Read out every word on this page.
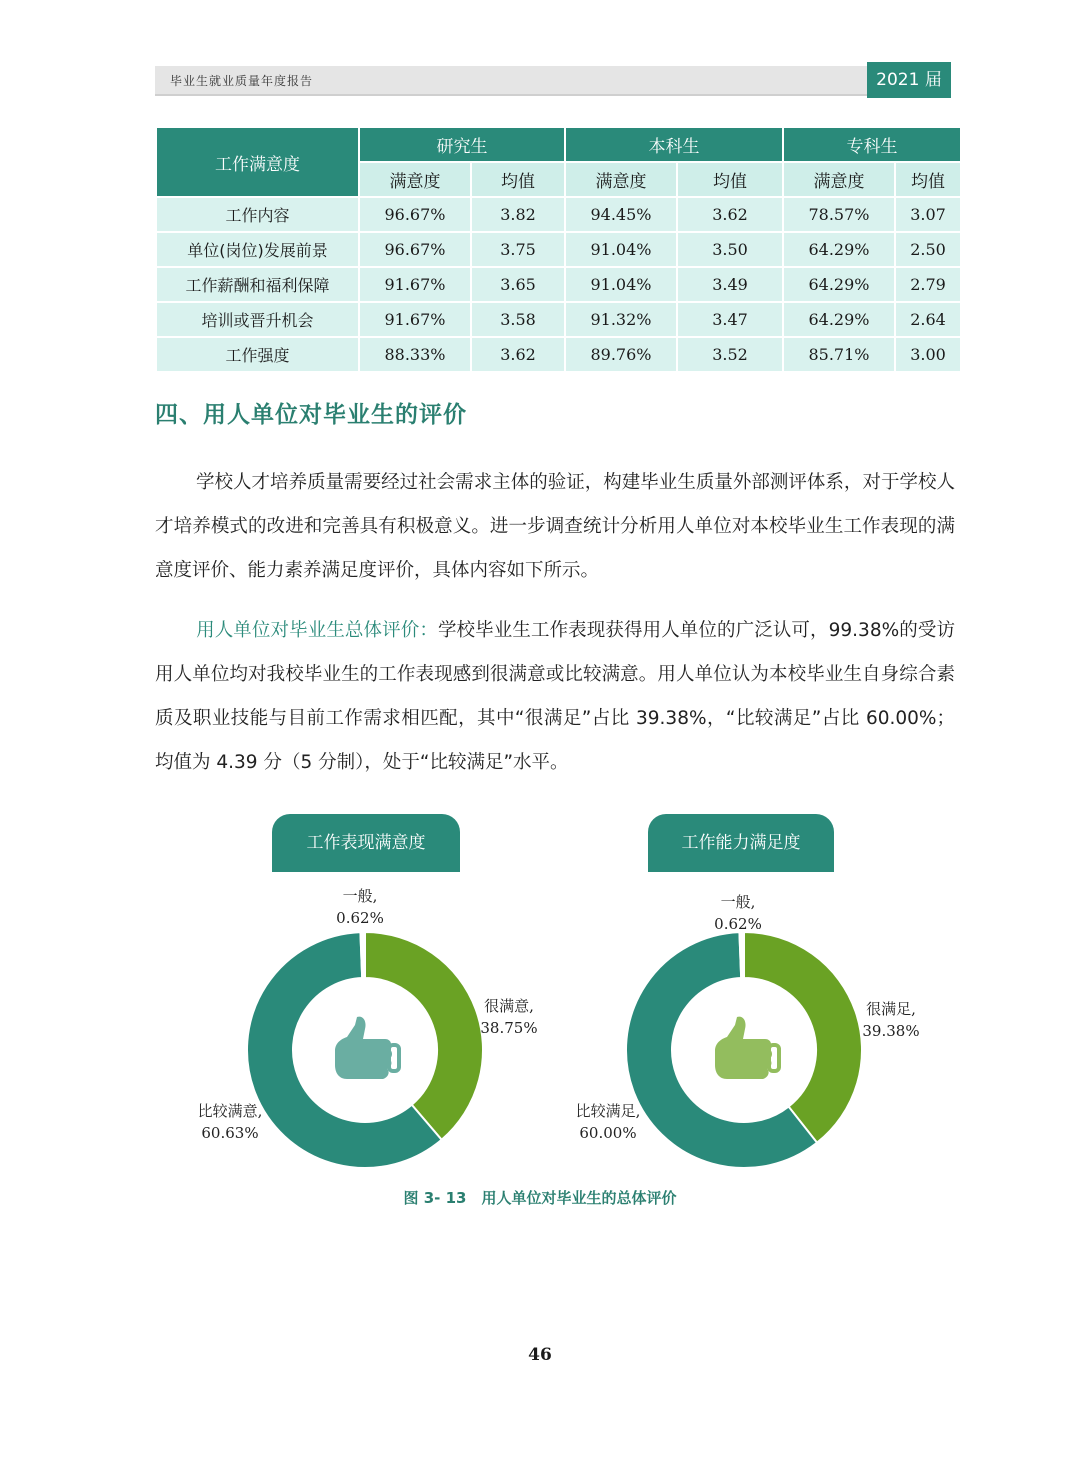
毕业生就业质量年度报告	2021 届
工作满意度	研究生		本科生		专科生	
	满意度	均值	满意度	均值	满意度	均值
工作内容	96.67%	3.82	94.45%	3.62	78.57%	3.07
单位(岗位)发展前景	96.67%	3.75	91.04%	3.50	64.29%	2.50
工作薪酬和福利保障	91.67%	3.65	91.04%	3.49	64.29%	2.79
培训或晋升机会	91.67%	3.58	91.32%	3.47	64.29%	2.64
工作强度	88.33%	3.62	89.76%	3.52	85.71%	3.00
四、用人单位对毕业生的评价
学校人才培养质量需要经过社会需求主体的验证，构建毕业生质量外部测评体系，对于学校人才培养模式的改进和完善具有积极意义。进一步调查统计分析用人单位对本校毕业生工作表现的满意度评价、能力素养满足度评价，具体内容如下所示。
用人单位对毕业生总体评价：学校毕业生工作表现获得用人单位的广泛认可，99.38%的受访用人单位均对我校毕业生的工作表现感到很满意或比较满意。用人单位认为本校毕业生自身综合素质及职业技能与目前工作需求相匹配，其中“很满足”占比 39.38%，“比较满足”占比 60.00%；均值为 4.39 分（5 分制），处于“比较满足”水平。
工作表现满意度	工作能力满足度
一般,
0.62%
很满意,
38.75%
比较满意,
60.63%
一般,
0.62%
很满足,
39.38%
比较满足,
60.00%
图 3- 13　用人单位对毕业生的总体评价
46
